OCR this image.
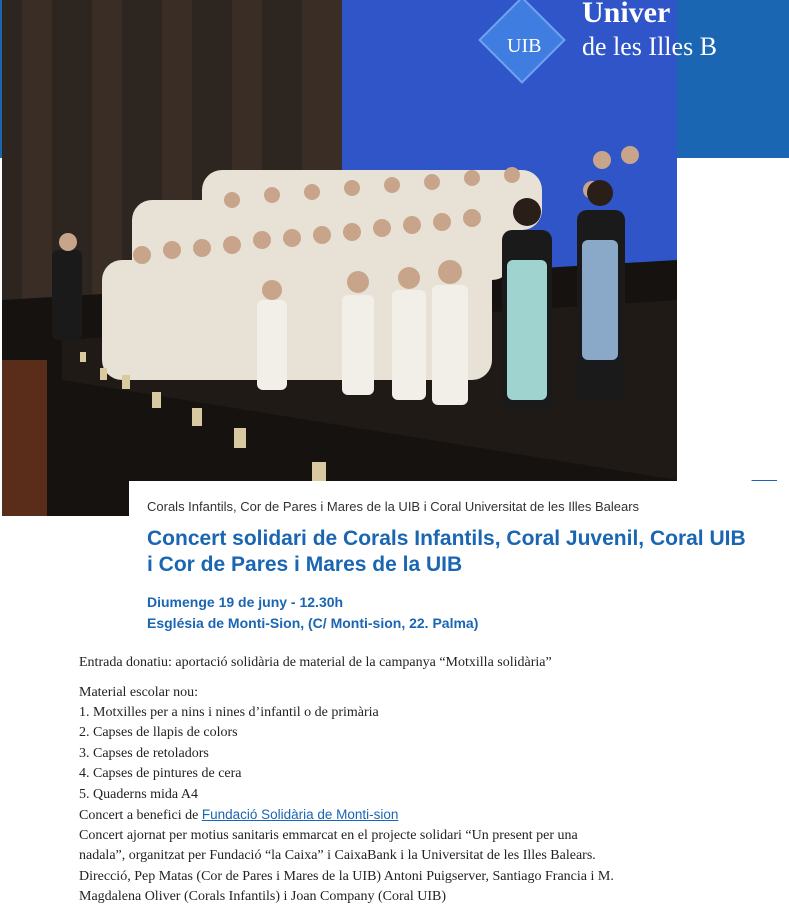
UIB
Univer
de les Illes B
Corals Infantils, Cor de Pares i Mares de la UIB i Coral Universitat de les Illes Balears
Concert solidari de Corals Infantils, Coral Juvenil, Coral UIB i Cor de Pares i Mares de la UIB
Diumenge 19 de juny - 12.30h
Església de Monti-Sion, (C/ Monti-sion, 22. Palma)
Entrada donatiu: aportació solidària de material de la campanya “Motxilla solidària”
Material escolar nou:
1. Motxilles per a nins i nines d’infantil o de primària
2. Capses de llapis de colors
3. Capses de retoladors
4. Capses de pintures de cera
5. Quaderns mida A4
Concert a benefici de Fundació Solidària de Monti-sion
Concert ajornat per motius sanitaris emmarcat en el projecte solidari “Un present per una
nadala”, organitzat per Fundació “la Caixa” i CaixaBank i la Universitat de les Illes Balears.
Direcció, Pep Matas (Cor de Pares i Mares de la UIB) Antoni Puigserver, Santiago Francia i M.
Magdalena Oliver (Corals Infantils) i Joan Company (Coral UIB)
